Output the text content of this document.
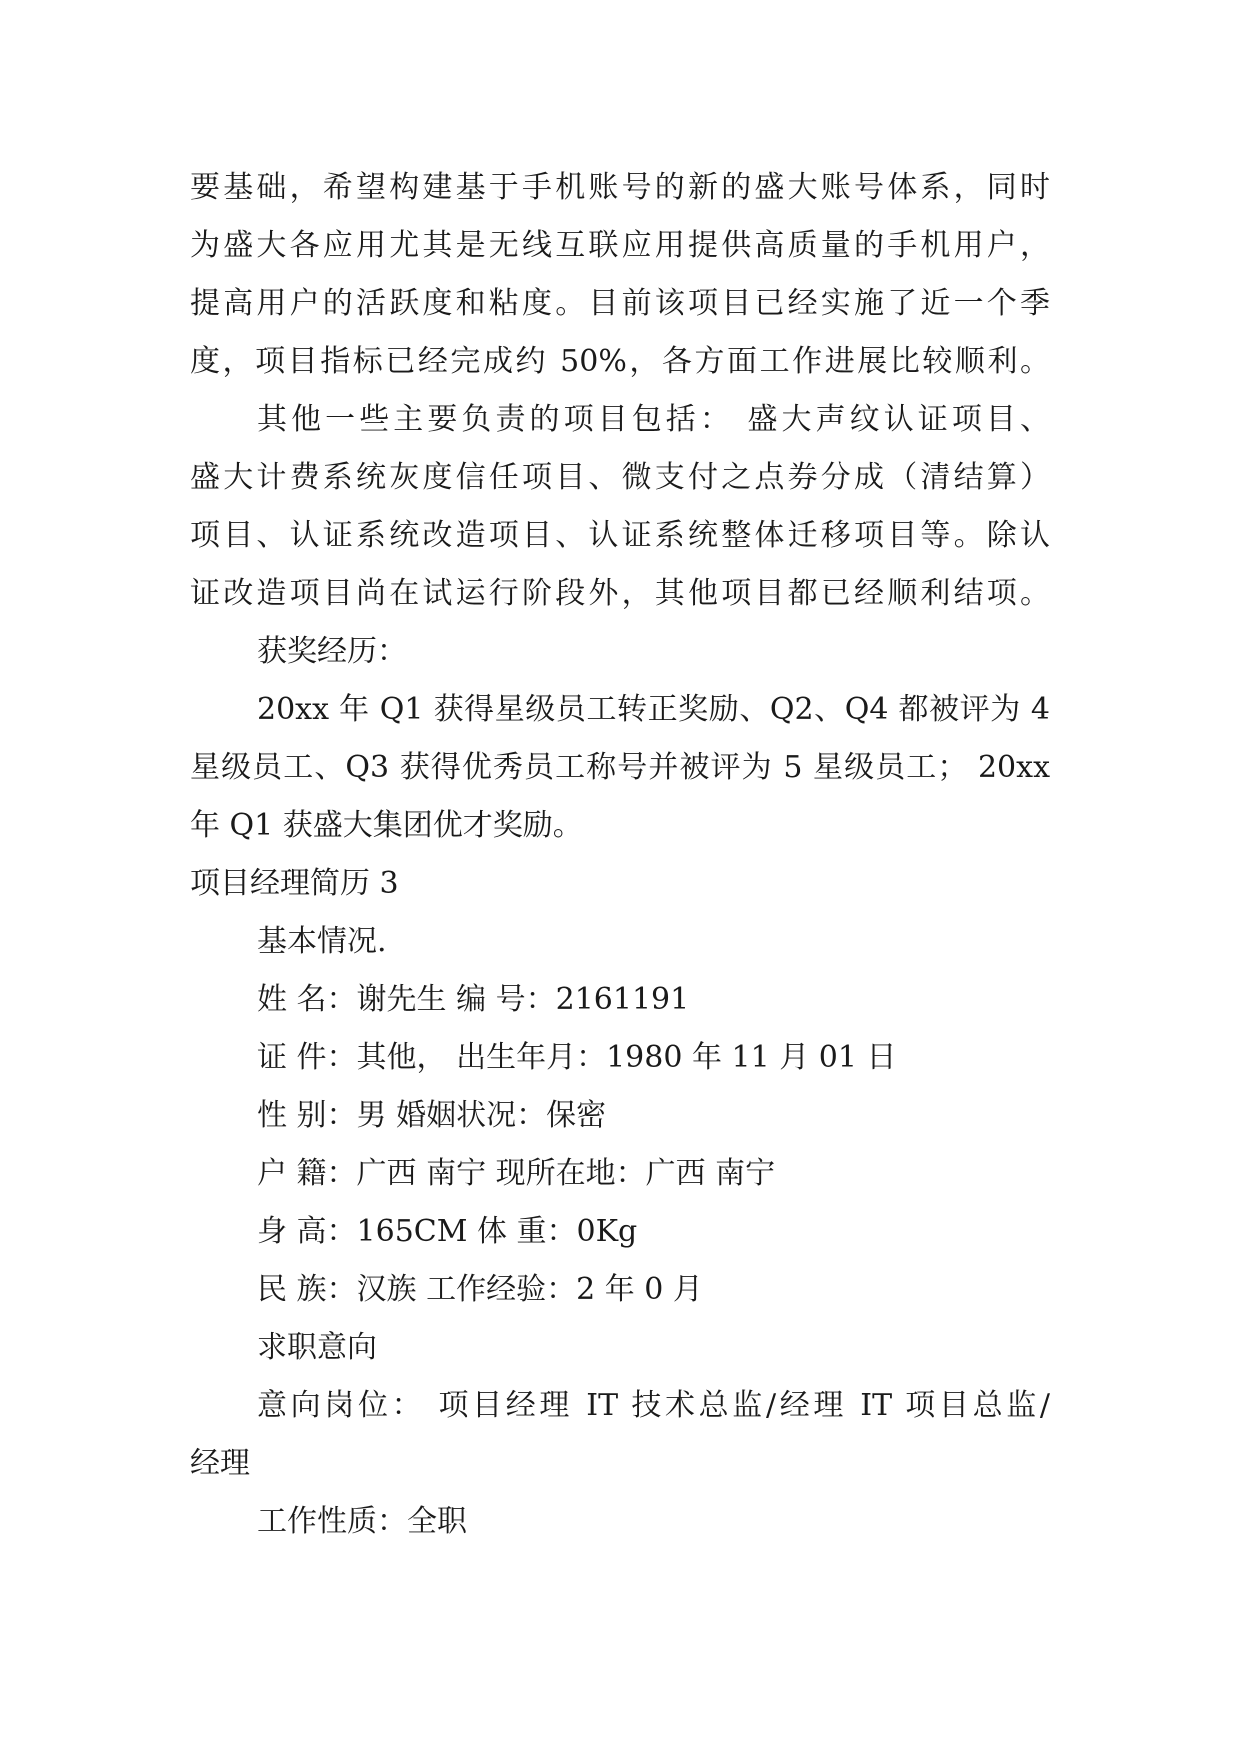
要基础，希望构建基于手机账号的新的盛大账号体系，同时
为盛大各应用尤其是无线互联应用提供高质量的手机用户，
提高用户的活跃度和粘度。目前该项目已经实施了近一个季
度，项目指标已经完成约 50%，各方面工作进展比较顺利。
其他一些主要负责的项目包括： 盛大声纹认证项目、
盛大计费系统灰度信任项目、微支付之点券分成（清结算）
项目、认证系统改造项目、认证系统整体迁移项目等。除认
证改造项目尚在试运行阶段外，其他项目都已经顺利结项。
获奖经历：
20xx 年 Q1 获得星级员工转正奖励、Q2、Q4 都被评为 4
星级员工、Q3 获得优秀员工称号并被评为 5 星级员工； 20xx
年 Q1 获盛大集团优才奖励。
项目经理简历 3
基本情况.
姓 名：谢先生 编 号：2161191
证 件：其他， 出生年月：1980 年 11 月 01 日
性 别：男 婚姻状况：保密
户 籍：广西 南宁 现所在地：广西 南宁
身 高：165CM 体 重：0Kg
民 族：汉族 工作经验：2 年 0 月
求职意向
意向岗位： 项目经理 IT 技术总监/经理 IT 项目总监/
经理
工作性质：全职
